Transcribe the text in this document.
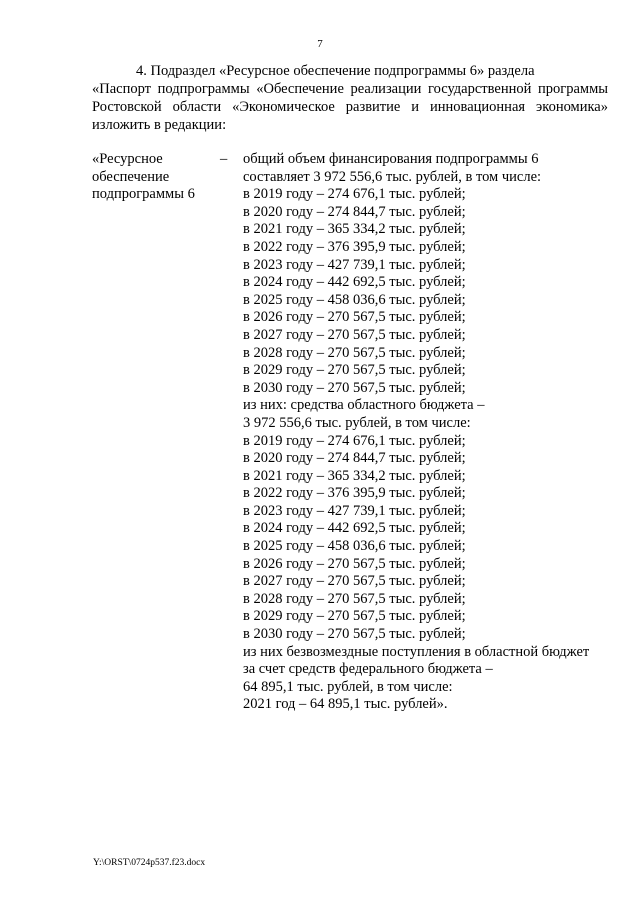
7
4. Подраздел «Ресурсное обеспечение подпрограммы 6» раздела
«Паспорт подпрограммы «Обеспечение реализации государственной программы Ростовской области «Экономическое развитие и инновационная экономика» изложить в редакции:
«Ресурсное
обеспечение
подпрограммы 6
– общий объем финансирования подпрограммы 6
составляет 3 972 556,6 тыс. рублей, в том числе:
в 2019 году – 274 676,1 тыс. рублей;
в 2020 году – 274 844,7 тыс. рублей;
в 2021 году – 365 334,2 тыс. рублей;
в 2022 году – 376 395,9 тыс. рублей;
в 2023 году – 427 739,1 тыс. рублей;
в 2024 году – 442 692,5 тыс. рублей;
в 2025 году – 458 036,6 тыс. рублей;
в 2026 году – 270 567,5 тыс. рублей;
в 2027 году – 270 567,5 тыс. рублей;
в 2028 году – 270 567,5 тыс. рублей;
в 2029 году – 270 567,5 тыс. рублей;
в 2030 году – 270 567,5 тыс. рублей;
из них: средства областного бюджета –
3 972 556,6 тыс. рублей, в том числе:
в 2019 году – 274 676,1 тыс. рублей;
в 2020 году – 274 844,7 тыс. рублей;
в 2021 году – 365 334,2 тыс. рублей;
в 2022 году – 376 395,9 тыс. рублей;
в 2023 году – 427 739,1 тыс. рублей;
в 2024 году – 442 692,5 тыс. рублей;
в 2025 году – 458 036,6 тыс. рублей;
в 2026 году – 270 567,5 тыс. рублей;
в 2027 году – 270 567,5 тыс. рублей;
в 2028 году – 270 567,5 тыс. рублей;
в 2029 году – 270 567,5 тыс. рублей;
в 2030 году – 270 567,5 тыс. рублей;
из них безвозмездные поступления в областной бюджет
за счет средств федерального бюджета –
64 895,1 тыс. рублей, в том числе:
2021 год – 64 895,1 тыс. рублей».
Y:\ORST\0724p537.f23.docx
